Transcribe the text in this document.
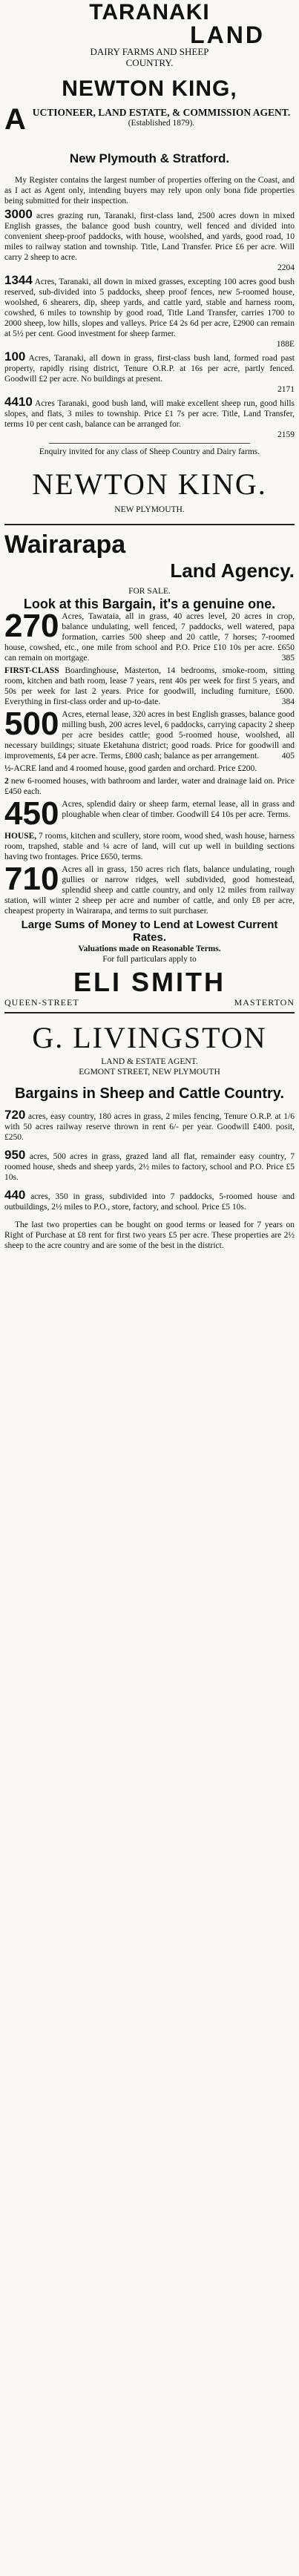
TARANAKI
LAND
DAIRY FARMS AND SHEEP
COUNTRY.
NEWTON KING,
A UCTIONEER, LAND ESTATE, & COMMISSION AGENT.
(Established 1879).
New Plymouth & Stratford.

My Register contains the largest number of properties offering on the Coast, and as I act as Agent only, intending buyers may rely upon only bona fide properties being submitted for their inspection.

3000 acres grazing run, Taranaki, first-class land, 2500 acres down in mixed English grasses, the balance good bush country, well fenced and divided into convenient sheep-proof paddocks, with house, woolshed, and yards, good road, 10 miles to railway station and township. Title, Land Transfer. Price £6 per acre. Will carry 2 sheep to acre.
2204
1344 Acres, Taranaki, all down in mixed grasses, excepting 100 acres good bush reserved, sub-divided into 5 paddocks, sheep proof fences, new 5-roomed house, woolshed, 6 shearers, dip, sheep yards, and cattle yard, stable and harness room, cowshed, 6 miles to township by good road, Title Land Transfer, carries 1700 to 2000 sheep, low hills, slopes and valleys. Price £4 2s 6d per acre, £2900 can remain at 5½ per cent. Good investment for sheep farmer.
188E
100 Acres, Taranaki, all down in grass, first-class bush land, formed road past property, rapidly rising district, Tenure O.R.P. at 16s per acre, partly fenced. Goodwill £2 per acre. No buildings at present.
2171
4410 Acres Taranaki, good bush land, will make excellent sheep run, good hills slopes, and flats, 3 miles to township. Price £1 7s per acre. Title, Land Transfer, terms 10 per cent cash, balance can be arranged for.
2159

Enquiry invited for any class of Sheep Country and Dairy farms.

NEWTON KING.
NEW PLYMOUTH.
Wairarapa
Land Agency.
FOR SALE.
Look at this Bargain, it's a genuine one.
270 Acres, Tawataia, all in grass, 40 acres level, 20 acres in crop, balance undulating, well fenced, 7 paddocks, well watered, papa formation, carries 500 sheep and 20 cattle, 7 horses; 7-roomed house, cowshed, etc., one mile from school and P.O. Price £10 10s per acre. £650 can remain on mortgage.	385
FIRST-CLASS Boardinghouse, Masterton, 14 bedrooms, smoke-room, sitting room, kitchen and bath room, lease 7 years, rent 40s per week for first 5 years, and 50s per week for last 2 years. Price for goodwill, including furniture, £600. Everything in first-class order and up-to-date.	384
500 Acres, eternal lease, 320 acres in best English grasses, balance good milling bush, 200 acres level, 6 paddocks, carrying capacity 2 sheep per acre besides cattle; good 5-roomed house, woolshed, all necessary buildings; situate Eketahuna district; good roads. Price for goodwill and improvements, £4 per acre. Terms, £800 cash; balance as per arrangement.	405
½-ACRE land and 4 roomed house, good garden and orchard. Price £200.
2 new 6-roomed houses, with bathroom and larder, water and drainage laid on. Price £450 each.
450 Acres, splendid dairy or sheep farm, eternal lease, all in grass and ploughable when clear of timber. Goodwill £4 10s per acre. Terms.
HOUSE, 7 rooms, kitchen and scullery, store room, wood shed, wash house, harness room, trapshed, stable and ¼ acre of land, will cut up well in building sections having two frontages. Price £650, terms.
710 Acres all in grass, 150 acres rich flats, balance undulating, rough gullies or narrow ridges, well subdivided, good homestead, splendid sheep and cattle country, and only 12 miles from railway station, will winter 2 sheep per acre and number of cattle, and only £8 per acre, cheapest property in Wairarapa, and terms to suit purchaser.
Large Sums of Money to Lend at Lowest Current Rates.
Valuations made on Reasonable Terms.
For full particulars apply to
ELI SMITH
QUEEN-STREET	MASTERTON
G. LIVINGSTON
LAND & ESTATE AGENT.
EGMONT STREET, NEW PLYMOUTH
Bargains in Sheep and Cattle Country.
720 acres, easy country, 180 acres in grass, 2 miles fencing, Tenure O.R.P. at 1/6 with 50 acres railway reserve thrown in rent 6/- per year. Goodwill £400. posit, £250.
950 acres, 500 acres in grass, grazed land all flat, remainder easy country, 7 roomed house, sheds and sheep yards, 2½ miles to factory, school and P.O. Price £5 10s.
440 acres, 350 in grass, subdivided into 7 paddocks, 5-roomed house and outbuildings, 2½ miles to P.O., store, factory, and school. Price £5 10s.

The last two properties can be bought on good terms or leased for 7 years on Right of Purchase at £8 rent for first two years £5 per acre. These properties are 2½ sheep to the acre country and are some of the best in the district.
